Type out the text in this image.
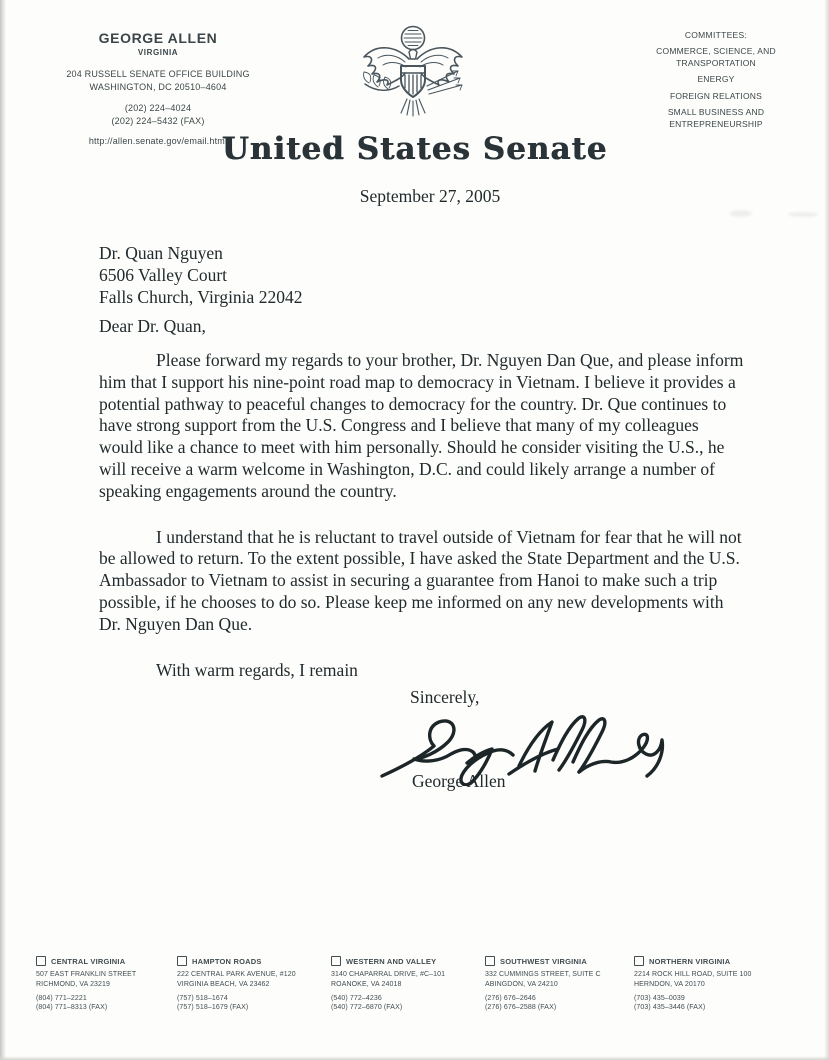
GEORGE ALLEN
VIRGINIA
204 RUSSELL SENATE OFFICE BUILDING
WASHINGTON, DC 20510–4604
(202) 224–4024
(202) 224–5432 (FAX)
http://allen.senate.gov/email.html
COMMITTEES:
COMMERCE, SCIENCE, AND TRANSPORTATION
ENERGY
FOREIGN RELATIONS
SMALL BUSINESS AND ENTREPRENEURSHIP
United States Senate
September 27, 2005
Dr. Quan Nguyen
6506 Valley Court
Falls Church, Virginia 22042
Dear Dr. Quan,

Please forward my regards to your brother, Dr. Nguyen Dan Que, and please inform him that I support his nine-point road map to democracy in Vietnam. I believe it provides a potential pathway to peaceful changes to democracy for the country. Dr. Que continues to have strong support from the U.S. Congress and I believe that many of my colleagues would like a chance to meet with him personally. Should he consider visiting the U.S., he will receive a warm welcome in Washington, D.C. and could likely arrange a number of speaking engagements around the country.

I understand that he is reluctant to travel outside of Vietnam for fear that he will not be allowed to return. To the extent possible, I have asked the State Department and the U.S. Ambassador to Vietnam to assist in securing a guarantee from Hanoi to make such a trip possible, if he chooses to do so. Please keep me informed on any new developments with Dr. Nguyen Dan Que.

With warm regards, I remain

Sincerely,
George Allen
CENTRAL VIRGINIA
507 EAST FRANKLIN STREET
RICHMOND, VA 23219
(804) 771–2221
(804) 771–8313 (FAX)
HAMPTON ROADS
222 CENTRAL PARK AVENUE, #120
VIRGINIA BEACH, VA 23462
(757) 518–1674
(757) 518–1679 (FAX)
WESTERN AND VALLEY
3140 CHAPARRAL DRIVE, #C–101
ROANOKE, VA 24018
(540) 772–4236
(540) 772–6870 (FAX)
SOUTHWEST VIRGINIA
332 CUMMINGS STREET, SUITE C
ABINGDON, VA 24210
(276) 676–2646
(276) 676–2588 (FAX)
NORTHERN VIRGINIA
2214 ROCK HILL ROAD, SUITE 100
HERNDON, VA 20170
(703) 435–0039
(703) 435–3446 (FAX)
